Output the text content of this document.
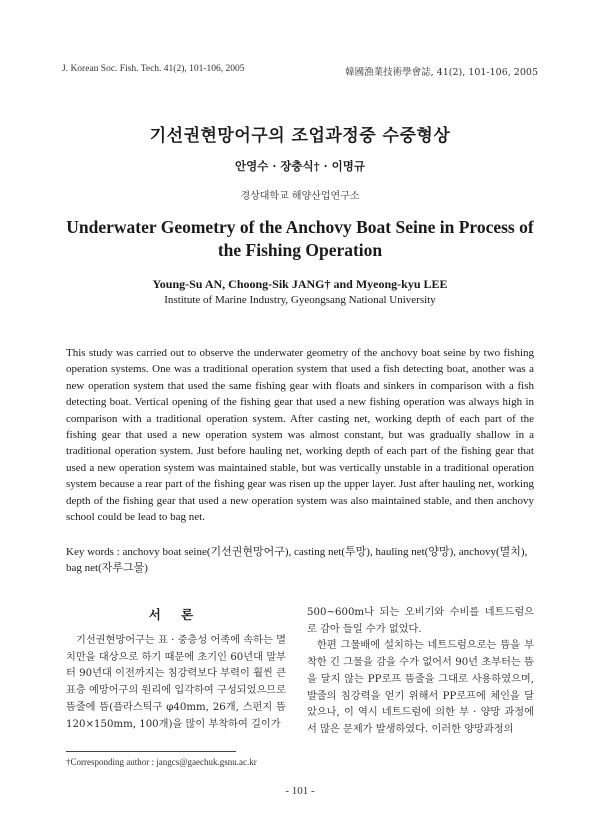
J. Korean Soc. Fish. Tech. 41(2), 101-106, 2005	韓國漁業技術學會誌, 41(2), 101-106, 2005
기선권현망어구의 조업과정중 수중형상
안영수 · 장충식† · 이명규
경상대학교 해양산업연구소
Underwater Geometry of the Anchovy Boat Seine in Process of
the Fishing Operation
Young-Su AN, Choong-Sik JANG† and Myeong-kyu LEE
Institute of Marine Industry, Gyeongsang National University

This study was carried out to observe the underwater geometry of the anchovy boat seine by two fishing operation systems. One was a traditional operation system that used a fish detecting boat, another was a new operation system that used the same fishing gear with floats and sinkers in comparison with a fish detecting boat. Vertical opening of the fishing gear that used a new fishing operation was always high in comparison with a traditional operation system. After casting net, working depth of each part of the fishing gear that used a new operation system was almost constant, but was gradually shallow in a traditional operation system. Just before hauling net, working depth of each part of the fishing gear that used a new operation system was maintained stable, but was vertically unstable in a traditional operation system because a rear part of the fishing gear was risen up the upper layer. Just after hauling net, working depth of the fishing gear that used a new operation system was also maintained stable, and then anchovy school could be lead to bag net.

Key words : anchovy boat seine(기선권현망어구), casting net(투망), hauling net(양망), anchovy(멸치), bag net(자루그물)
서 론

기선권현망어구는 표 · 중층성 어족에 속하는 멸치만을 대상으로 하기 때문에 초기인 60년대 말부터 90년대 이전까지는 침강력보다 부력이 훨씬 큰 표층 예망어구의 원리에 입각하여 구성되었으므로 뜸줄에 뜸(플라스틱구 φ40mm, 26개, 스펀지 뜸 120×150mm, 100개)을 많이 부착하여 길이가

500~600m나 되는 오비기와 수비를 네트드럼으로 감아 들일 수가 없었다.

한편 그물배에 설치하는 네트드럼으로는 뜸을 부착한 긴 그물을 감을 수가 없어서 90년 초부터는 뜸을 달지 않는 PP로프 뜸줄을 그대로 사용하였으며, 발줄의 침강력을 얻기 위해서 PP로프에 체인을 달았으나, 이 역시 네트드럼에 의한 부 · 양망 과정에서 많은 문제가 발생하였다. 이러한 양망과정의

†Corresponding author : jangcs@gaechuk.gsnu.ac.kr
- 101 -
